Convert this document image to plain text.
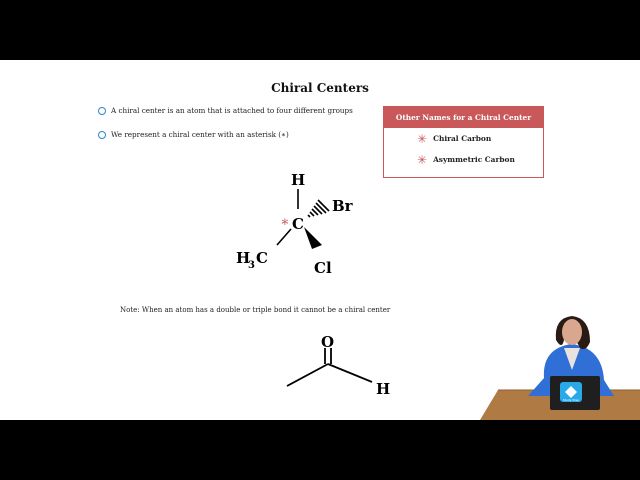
Chiral Centers
A chiral center is an atom that is attached to four different groups
We represent a chiral center with an asterisk (∗)
Other Names for a Chiral Center
✳ Chiral Carbon
✳ Asymmetric Carbon
H
C
∗
Br
Cl
H
3 C
Note: When an atom has a double or triple bond it cannot be a chiral center
O
H
Study Prep
